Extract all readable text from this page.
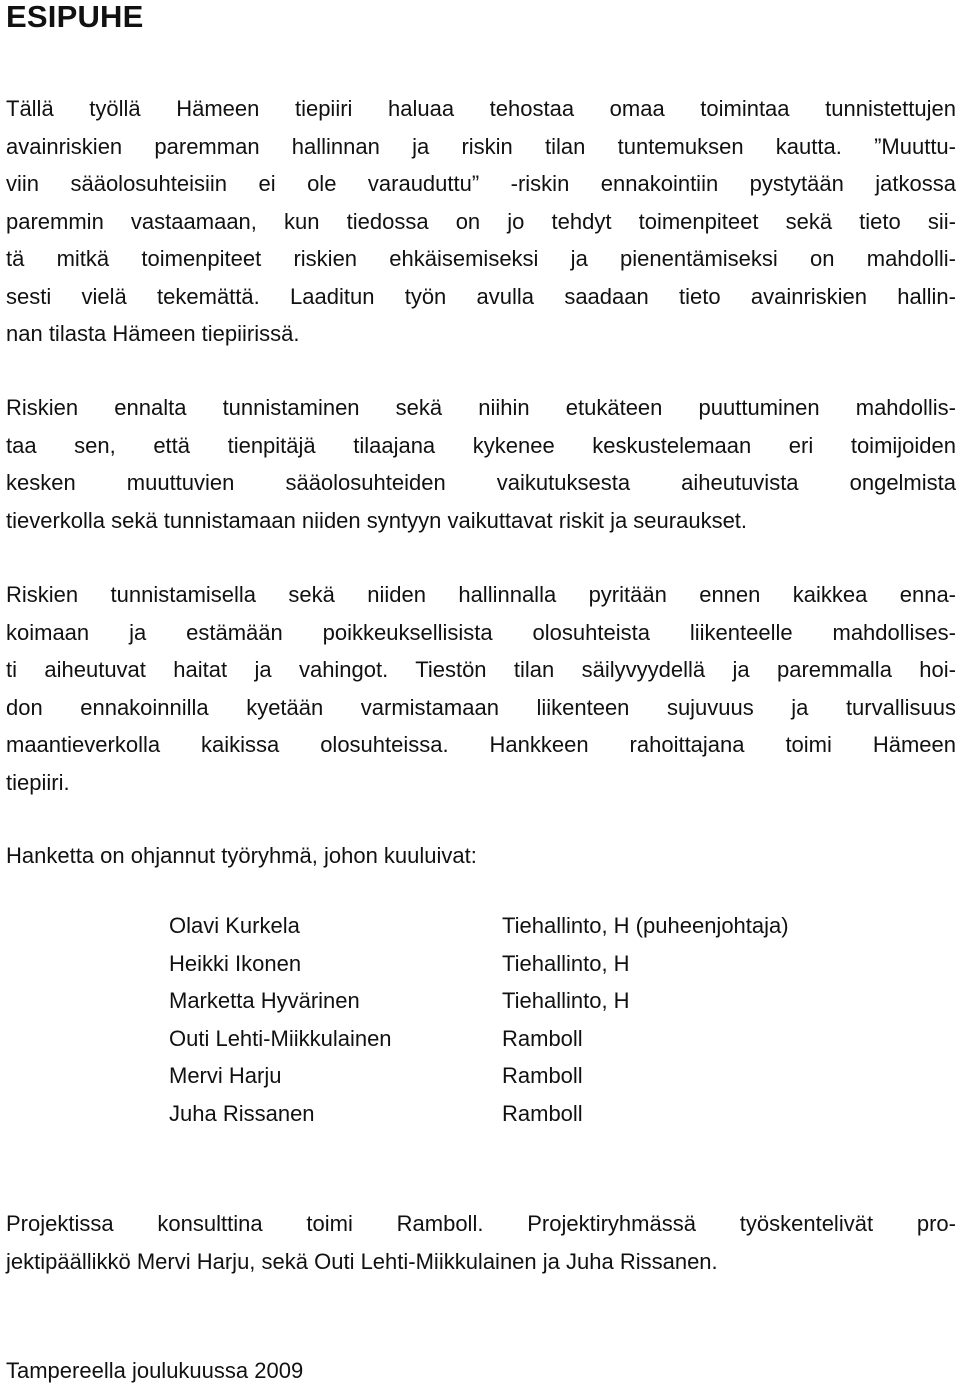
ESIPUHE
Tällä työllä Hämeen tiepiiri haluaa tehostaa omaa toimintaa tunnistettujen
avainriskien paremman hallinnan ja riskin tilan tuntemuksen kautta. ”Muuttu-
viin sääolosuhteisiin ei ole varauduttu” -riskin ennakointiin pystytään jatkossa
paremmin vastaamaan, kun tiedossa on jo tehdyt toimenpiteet sekä tieto sii-
tä mitkä toimenpiteet riskien ehkäisemiseksi ja pienentämiseksi on mahdolli-
sesti vielä tekemättä. Laaditun työn avulla saadaan tieto avainriskien hallin-
nan tilasta Hämeen tiepiirissä.
Riskien ennalta tunnistaminen sekä niihin etukäteen puuttuminen mahdollis-
taa sen, että tienpitäjä tilaajana kykenee keskustelemaan eri toimijoiden
kesken muuttuvien sääolosuhteiden vaikutuksesta aiheutuvista ongelmista
tieverkolla sekä tunnistamaan niiden syntyyn vaikuttavat riskit ja seuraukset.
Riskien tunnistamisella sekä niiden hallinnalla pyritään ennen kaikkea enna-
koimaan ja estämään poikkeuksellisista olosuhteista liikenteelle mahdollises-
ti aiheutuvat haitat ja vahingot. Tiestön tilan säilyvyydellä ja paremmalla hoi-
don ennakoinnilla kyetään varmistamaan liikenteen sujuvuus ja turvallisuus
maantieverkolla kaikissa olosuhteissa. Hankkeen rahoittajana toimi Hämeen
tiepiiri.
Hanketta on ohjannut työryhmä, johon kuuluivat:
Olavi Kurkela	Tiehallinto, H (puheenjohtaja)
Heikki Ikonen	Tiehallinto, H
Marketta Hyvärinen	Tiehallinto, H
Outi Lehti-Miikkulainen	Ramboll
Mervi Harju	Ramboll
Juha Rissanen	Ramboll
Projektissa konsulttina toimi Ramboll. Projektiryhmässä työskentelivät pro-
jektipäällikkö Mervi Harju, sekä Outi Lehti-Miikkulainen ja Juha Rissanen.
Tampereella joulukuussa 2009
